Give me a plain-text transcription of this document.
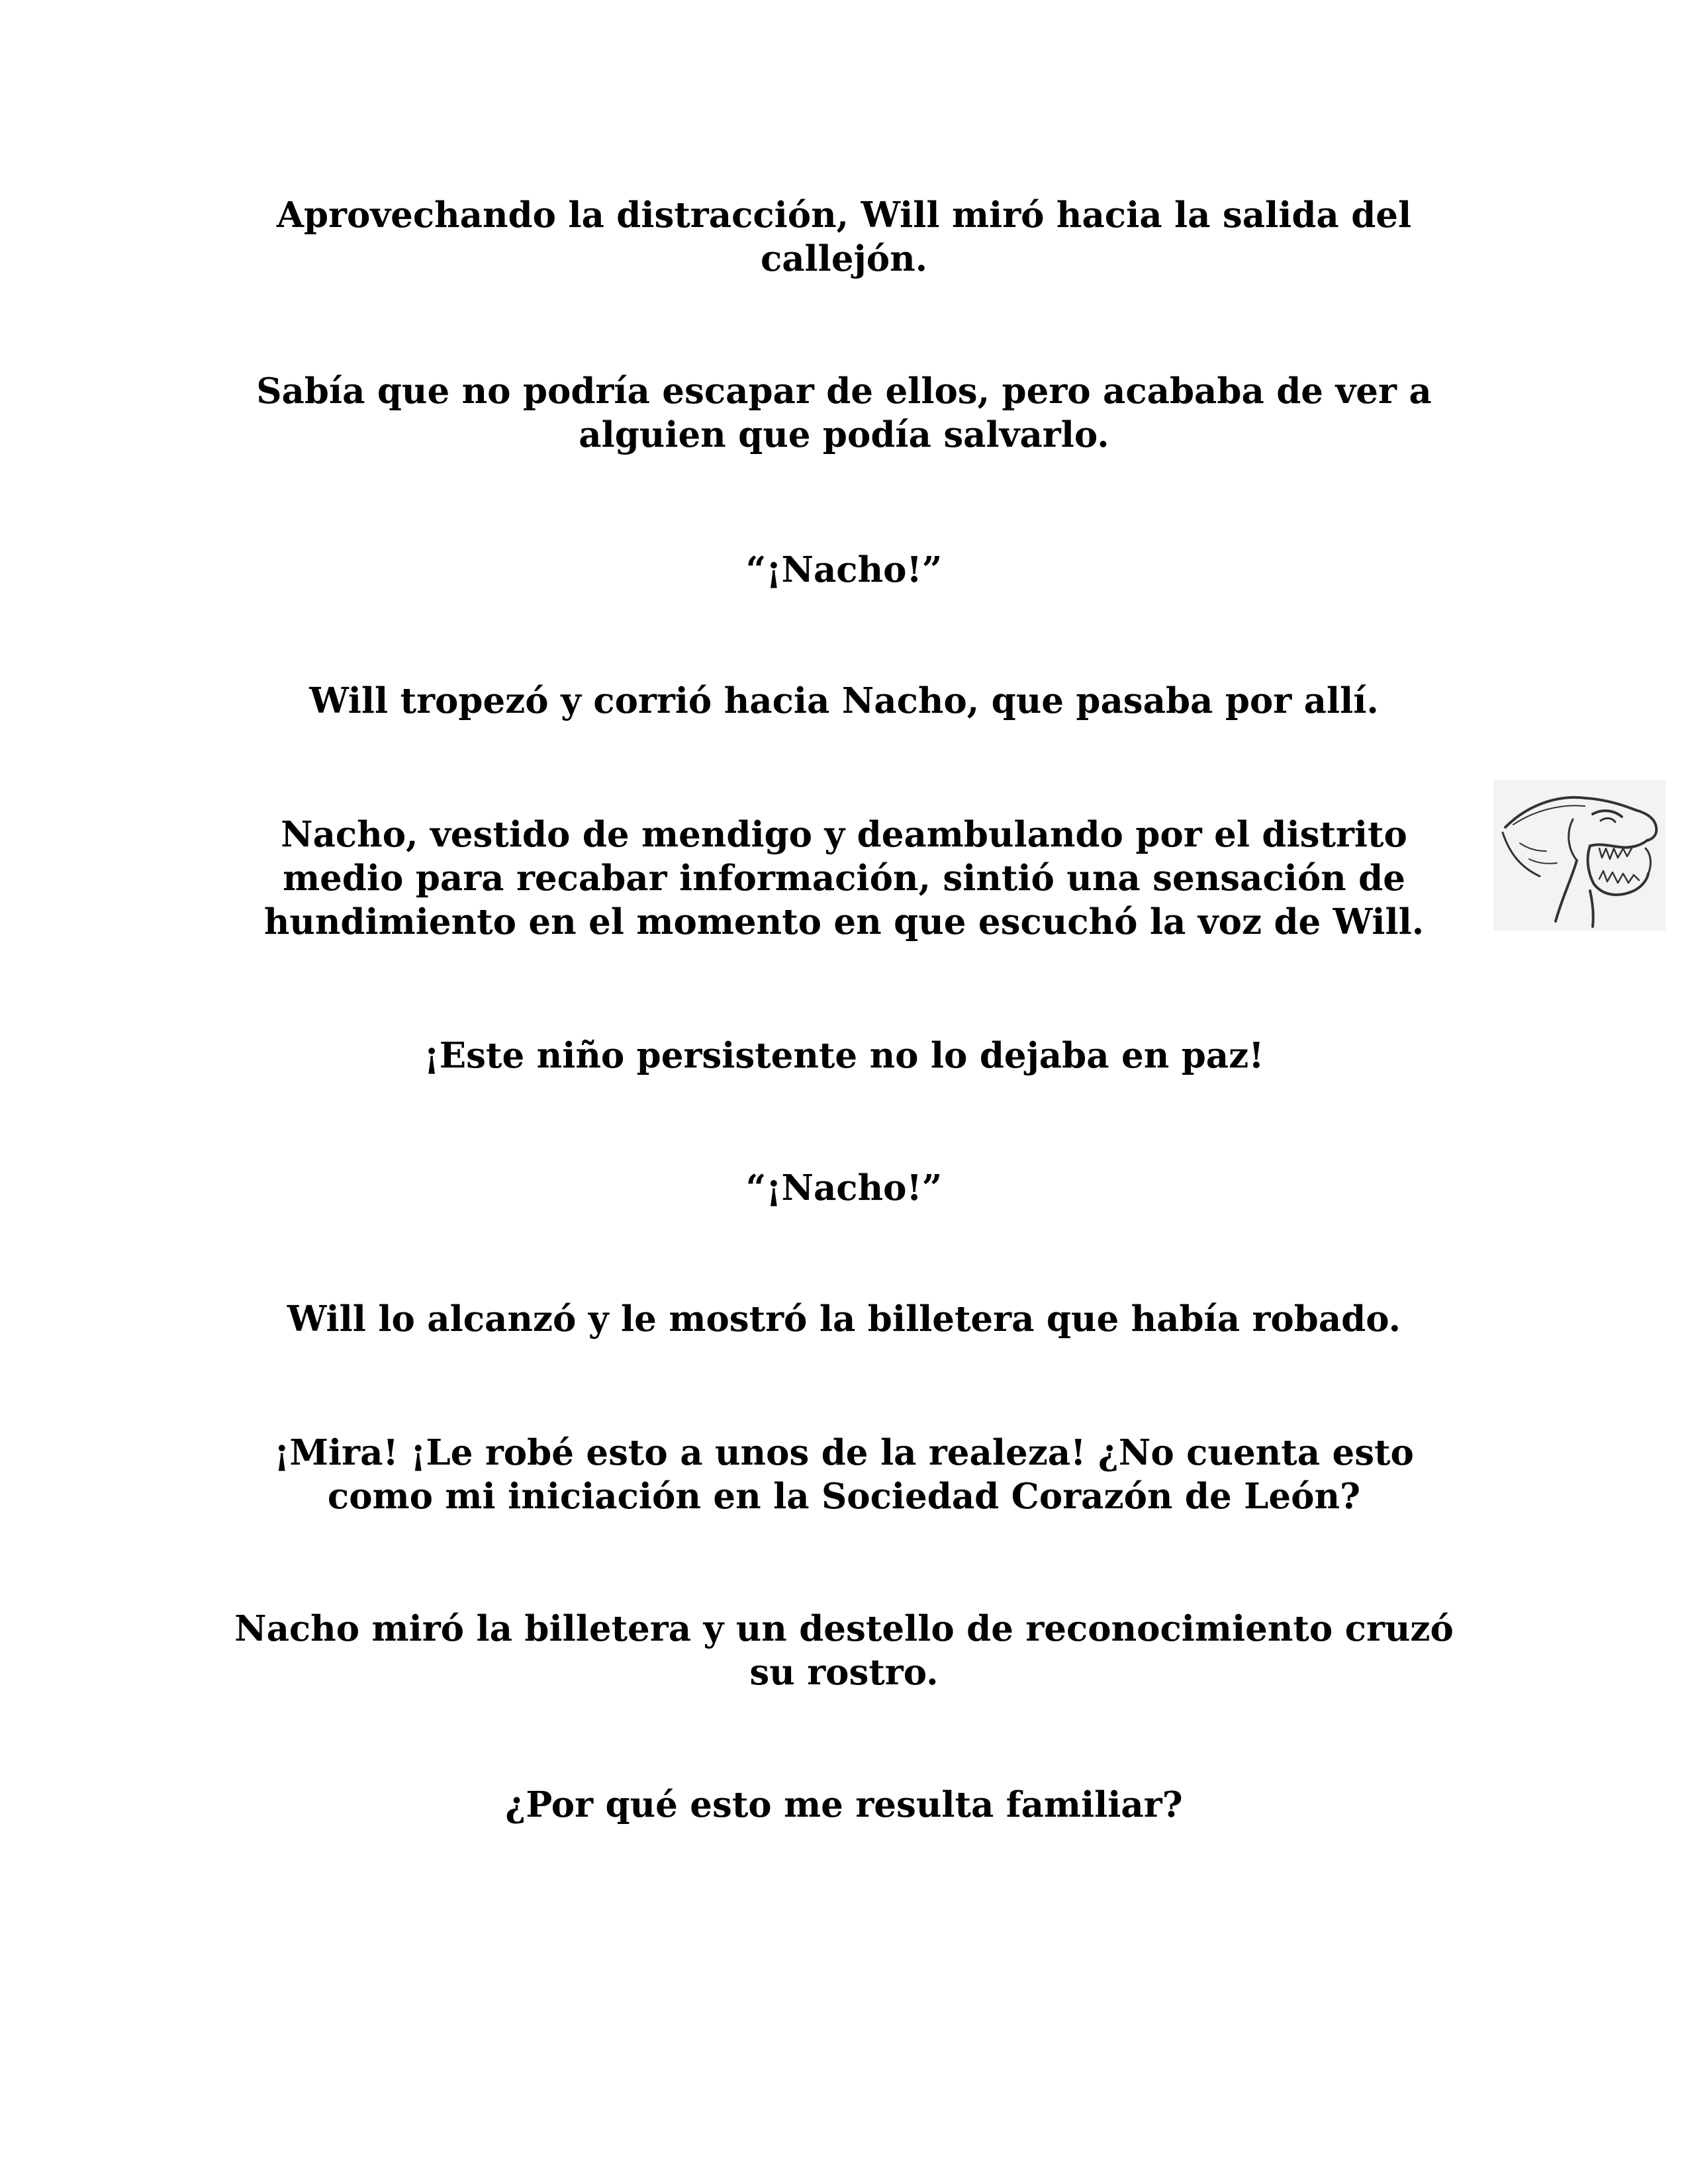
Aprovechando la distracción, Will miró hacia la salida del callejón.

Sabía que no podría escapar de ellos, pero acababa de ver a alguien que podía salvarlo.

“¡Nacho!”

Will tropezó y corrió hacia Nacho, que pasaba por allí.

Nacho, vestido de mendigo y deambulando por el distrito medio para recabar información, sintió una sensación de hundimiento en el momento en que escuchó la voz de Will.

¡Este niño persistente no lo dejaba en paz!

“¡Nacho!”

Will lo alcanzó y le mostró la billetera que había robado.

¡Mira! ¡Le robé esto a unos de la realeza! ¿No cuenta esto como mi iniciación en la Sociedad Corazón de León?

Nacho miró la billetera y un destello de reconocimiento cruzó su rostro.

¿Por qué esto me resulta familiar?
